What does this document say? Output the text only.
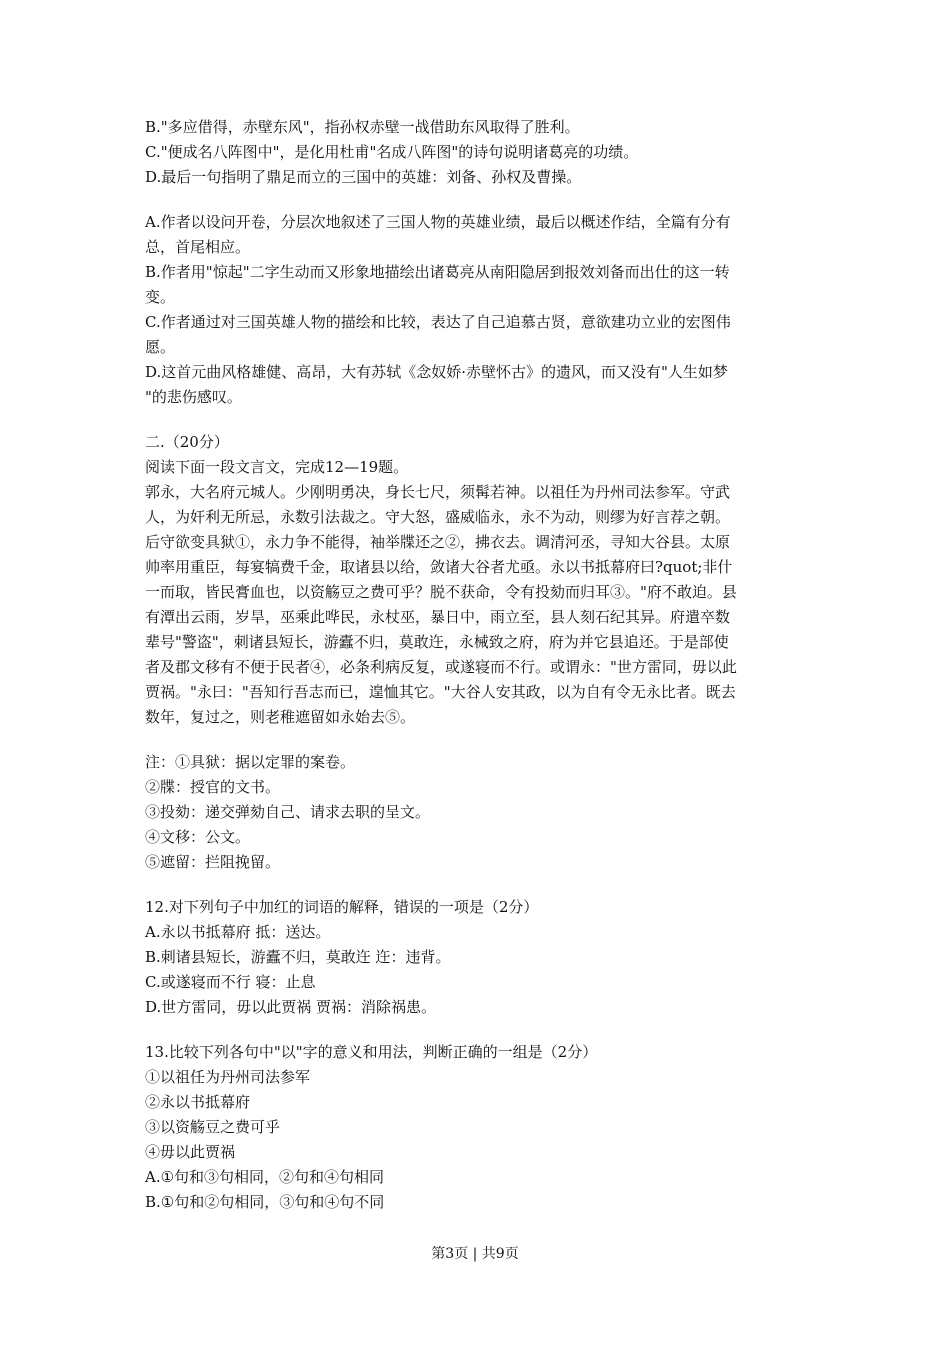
B."多应借得，赤壁东风"，指孙权赤壁一战借助东风取得了胜利。
C."便成名八阵图中"，是化用杜甫"名成八阵图"的诗句说明诸葛亮的功绩。
D.最后一句指明了鼎足而立的三国中的英雄：刘备、孙权及曹操。
A.作者以设问开卷，分层次地叙述了三国人物的英雄业绩，最后以概述作结，全篇有分有
总，首尾相应。
B.作者用"惊起"二字生动而又形象地描绘出诸葛亮从南阳隐居到报效刘备而出仕的这一转
变。
C.作者通过对三国英雄人物的描绘和比较，表达了自己追慕古贤，意欲建功立业的宏图伟
愿。
D.这首元曲风格雄健、高昂，大有苏轼《念奴娇·赤壁怀古》的遗风，而又没有"人生如梦
"的悲伤感叹。
二.（20分）
阅读下面一段文言文，完成12—19题。
郭永，大名府元城人。少刚明勇决，身长七尺，须髯若神。以祖任为丹州司法参军。守武
人，为奸利无所忌，永数引法裁之。守大怒，盛威临永，永不为动，则缪为好言荐之朝。
后守欲变具狱①，永力争不能得，袖举牒还之②，拂衣去。调清河丞，寻知大谷县。太原
帅率用重臣，每宴犒费千金，取诸县以给，敛诸大谷者尤亟。永以书抵幕府曰?quot;非什
一而取，皆民膏血也，以资觞豆之费可乎？脱不获命，令有投劾而归耳③。"府不敢迫。县
有潭出云雨，岁旱，巫乘此哗民，永杖巫，暴日中，雨立至，县人刻石纪其异。府遣卒数
辈号"警盗"，刺诸县短长，游蠹不归，莫敢迕，永械致之府，府为并它县追还。于是部使
者及郡文移有不便于民者④，必条利病反复，或遂寝而不行。或谓永："世方雷同，毋以此
贾祸。"永曰："吾知行吾志而已，遑恤其它。"大谷人安其政，以为自有令无永比者。既去
数年，复过之，则老稚遮留如永始去⑤。
注：①具狱：据以定罪的案卷。
②牒：授官的文书。
③投劾：递交弹劾自己、请求去职的呈文。
④文移：公文。
⑤遮留：拦阻挽留。
12.对下列句子中加红的词语的解释，错误的一项是（2分）
A.永以书抵幕府 抵：送达。
B.刺诸县短长，游蠹不归，莫敢迕 迕：违背。
C.或遂寝而不行 寝：止息
D.世方雷同，毋以此贾祸 贾祸：消除祸患。
13.比较下列各句中"以"字的意义和用法，判断正确的一组是（2分）
①以祖任为丹州司法参军
②永以书抵幕府
③以资觞豆之费可乎
④毋以此贾祸
A.①句和③句相同，②句和④句相同
B.①句和②句相同，③句和④句不同
第3页 | 共9页
